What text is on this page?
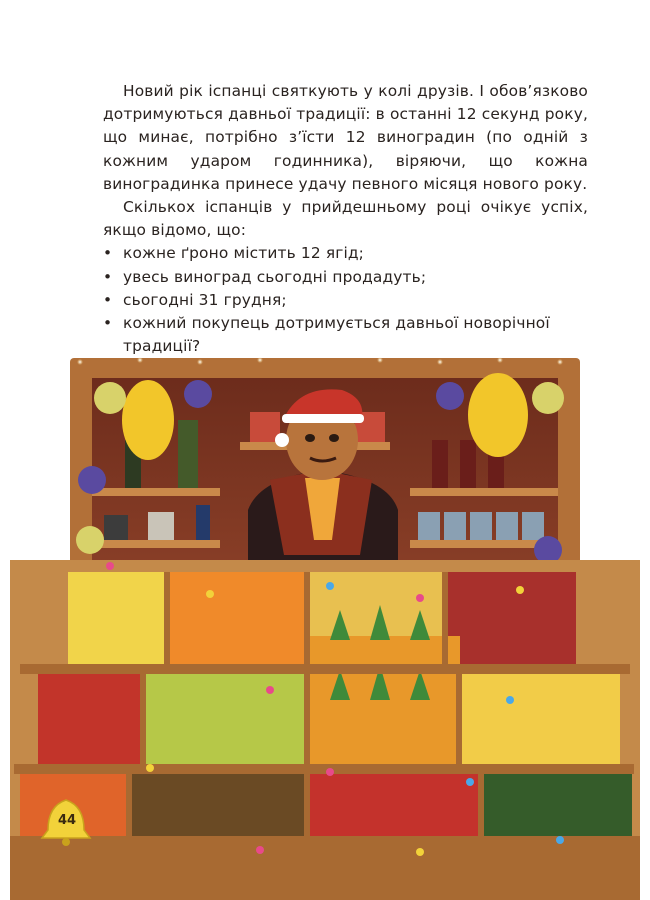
Новий рік іспанці святкують у колі друзів. І обов’язково дотримуються давньої традиції: в останні 12 секунд року, що минає, потрібно з’їсти 12 виноградин (по одній з кожним ударом годинника), віряючи, що кожна виноградинка принесе удачу певного місяця нового року.

Скількох іспанців у прийдешньому році очікує успіх, якщо відомо, що:

• кожне ґроно містить 12 ягід;
• увесь виноград сьогодні продадуть;
• сьогодні 31 грудня;
• кожний покупець дотримується давньої новорічної традиції?
44
